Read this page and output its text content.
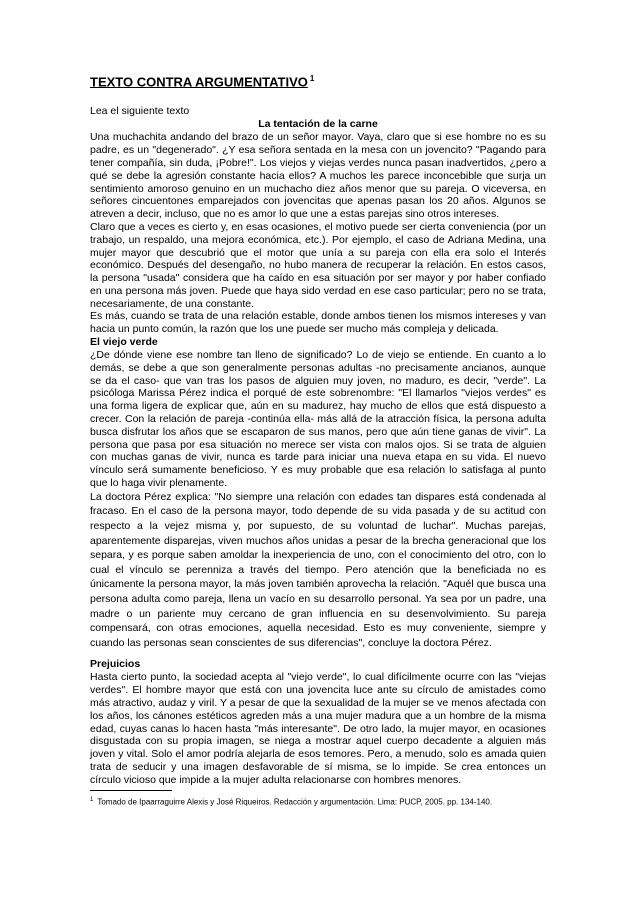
TEXTO CONTRA ARGUMENTATIVO $^1$

Lea el siguiente texto

La tentación de la carne

Una muchachita andando del brazo de un señor mayor. Vaya, claro que si ese hombre no es su padre, es un "degenerado". ¿Y esa señora sentada en la mesa con un jovencito? "Pagando para tener compañía, sin duda, ¡Pobre!". Los viejos y viejas verdes nunca pasan inadvertidos, ¿pero a qué se debe la agresión constante hacia ellos? A muchos les parece inconcebible que surja un sentimiento amoroso genuino en un muchacho diez años menor que su pareja. O viceversa, en señores cincuentones emparejados con jovencitas que apenas pasan los 20 años. Algunos se atreven a decir, incluso, que no es amor lo que une a estas parejas sino otros intereses.

Claro que a veces es cierto y, en esas ocasiones, el motivo puede ser cierta conveniencia (por un trabajo, un respaldo, una mejora económica, etc.). Por ejemplo, el caso de Adriana Medina, una mujer mayor que descubrió que el motor que unía a su pareja con ella era solo el Interés económico. Después del desengaño, no hubo manera de recuperar la relación. En estos casos, la persona "usada" considera que ha caído en esa situación por ser mayor y por haber confiado en una persona más joven. Puede que haya sido verdad en ese caso particular; pero no se trata, necesariamente, de una constante.

Es más, cuando se trata de una relación estable, donde ambos tienen los mismos intereses y van hacia un punto común, la razón que los une puede ser mucho más compleja y delicada.

El viejo verde

¿De dónde viene ese nombre tan lleno de significado? Lo de viejo se entiende. En cuanto a lo demás, se debe a que son generalmente personas adultas -no precisamente ancianos, aunque se da el caso- que van tras los pasos de alguien muy joven, no maduro, es decir, "verde". La psicóloga Marissa Pérez indica el porqué de este sobrenombre: "El llamarlos "viejos verdes" es una forma ligera de explicar que, aún en su madurez, hay mucho de ellos que está dispuesto a crecer. Con la relación de pareja -continúa ella- más allá de la atracción física, la persona adulta busca disfrutar los años que se escaparon de sus manos, pero que aún tiene ganas de vivir". La persona que pasa por esa situación no merece ser vista con malos ojos. Si se trata de alguien con muchas ganas de vivir, nunca es tarde para iniciar una nueva etapa en su vida. El nuevo vínculo será sumamente beneficioso. Y es muy probable que esa relación lo satisfaga al punto que lo haga vivir plenamente.

La doctora Pérez explica: "No siempre una relación con edades tan dispares está condenada al fracaso. En el caso de la persona mayor, todo depende de su vida pasada y de su actitud con respecto a la vejez misma y, por supuesto, de su voluntad de luchar". Muchas parejas, aparentemente disparejas, viven muchos años unidas a pesar de la brecha generacional que los separa, y es porque saben amoldar la inexperiencia de uno, con el conocimiento del otro, con lo cual el vínculo se perenniza a través del tiempo. Pero atención que la beneficiada no es únicamente la persona mayor, la más joven también aprovecha la relación. "Aquél que busca una persona adulta como pareja, llena un vacío en su desarrollo personal. Ya sea por un padre, una madre o un pariente muy cercano de gran influencia en su desenvolvimiento. Su pareja compensará, con otras emociones, aquella necesidad. Esto es muy conveniente, siempre y cuando las personas sean conscientes de sus diferencias", concluye la doctora Pérez.

Prejuicios

Hasta cierto punto, la sociedad acepta al "viejo verde", lo cual difícilmente ocurre con las "viejas verdes". El hombre mayor que está con una jovencita luce ante su círculo de amistades como más atractivo, audaz y viril. Y a pesar de que la sexualidad de la mujer se ve menos afectada con los años, los cánones estéticos agreden más a una mujer madura que a un hombre de la misma edad, cuyas canas lo hacen hasta "más interesante". De otro lado, la mujer mayor, en ocasiones disgustada con su propia imagen, se niega a mostrar aquel cuerpo decadente a alguien más joven y vital. Solo el amor podría alejarla de esos temores. Pero, a menudo, solo es amada quien trata de seducir y una imagen desfavorable de sí misma, se lo impide. Se crea entonces un círculo vicioso que impide a la mujer adulta relacionarse con hombres menores.

$^1$ Tomado de Ipaarraguirre Alexis y José Riqueiros. Redacción y argumentación. Lima: PUCP, 2005. pp. 134-140.
